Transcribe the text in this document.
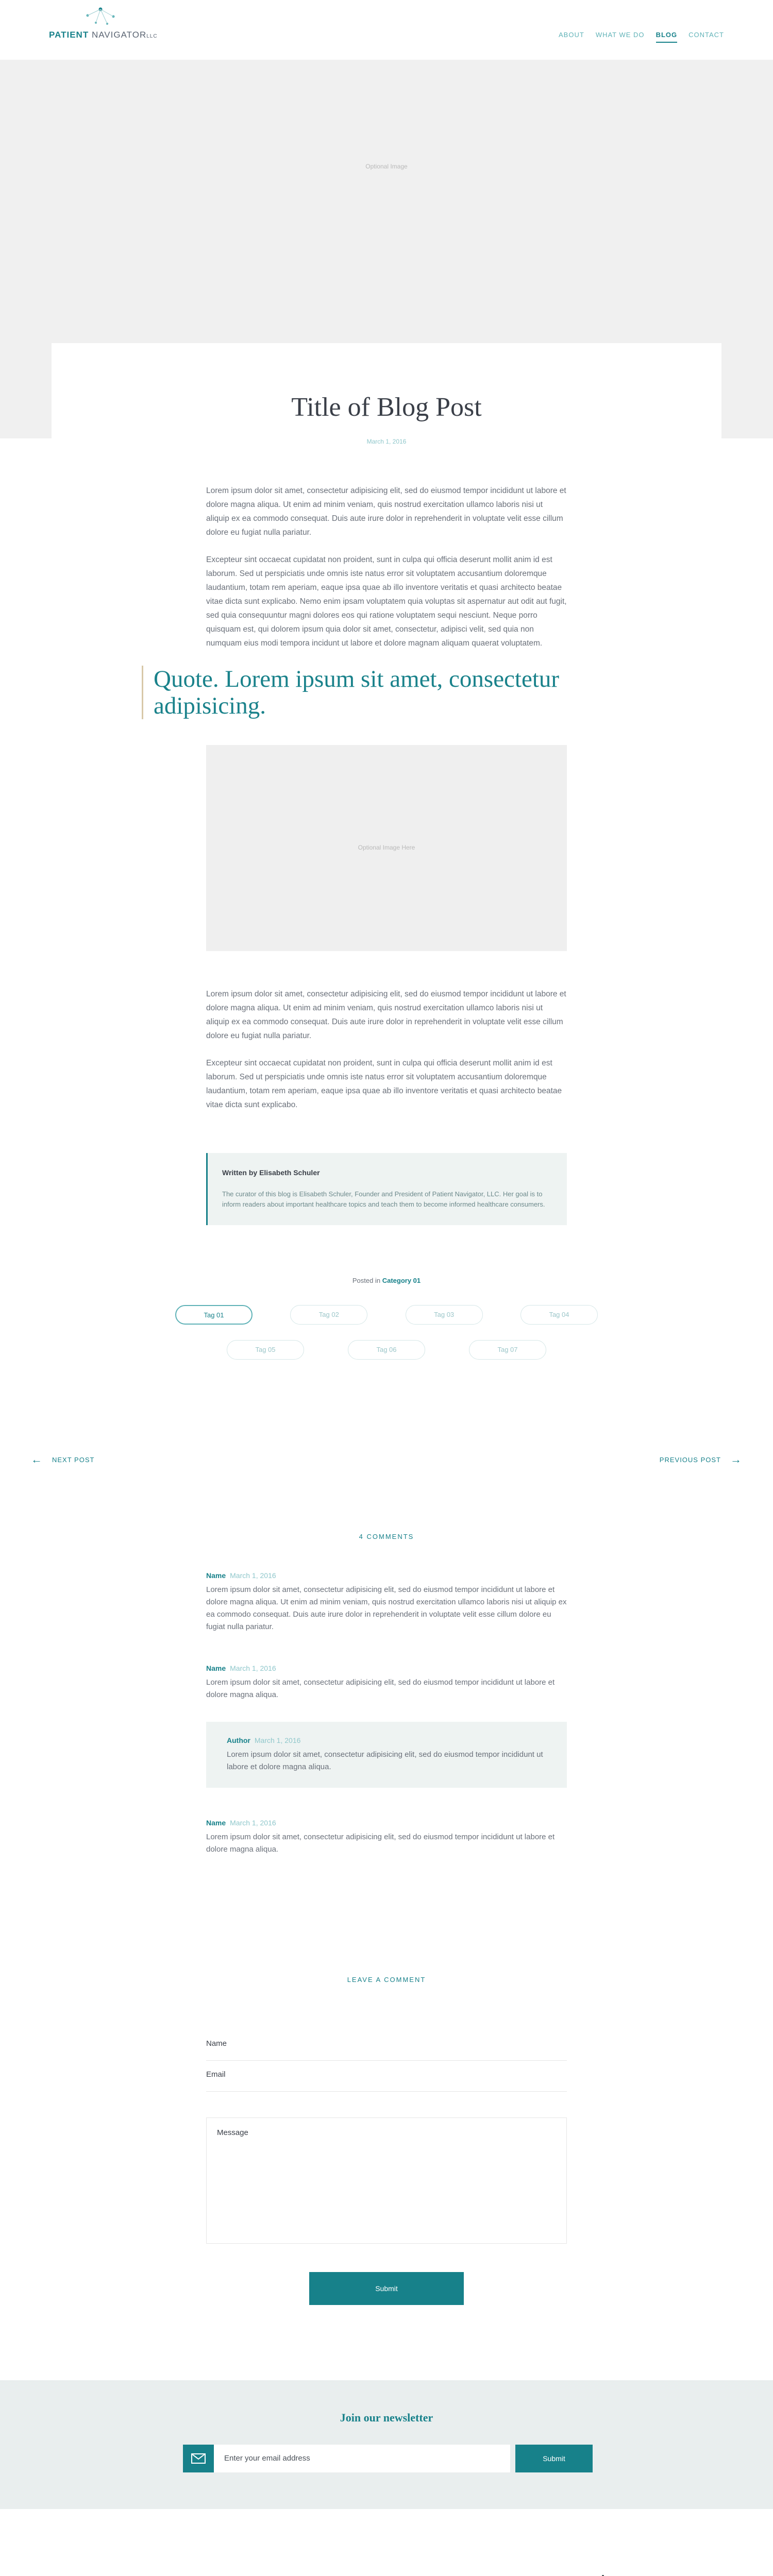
PATIENT NAVIGATORLLC	ABOUT WHAT WE DO BLOG CONTACT
Optional Image
Title of Blog Post
March 1, 2016

Lorem ipsum dolor sit amet, consectetur adipisicing elit, sed do eiusmod tempor incididunt ut labore et dolore magna aliqua. Ut enim ad minim veniam, quis nostrud exercitation ullamco laboris nisi ut aliquip ex ea commodo consequat. Duis aute irure dolor in reprehenderit in voluptate velit esse cillum dolore eu fugiat nulla pariatur.

Excepteur sint occaecat cupidatat non proident, sunt in culpa qui officia deserunt mollit anim id est laborum. Sed ut perspiciatis unde omnis iste natus error sit voluptatem accusantium doloremque laudantium, totam rem aperiam, eaque ipsa quae ab illo inventore veritatis et quasi architecto beatae vitae dicta sunt explicabo. Nemo enim ipsam voluptatem quia voluptas sit aspernatur aut odit aut fugit, sed quia consequuntur magni dolores eos qui ratione voluptatem sequi nesciunt. Neque porro quisquam est, qui dolorem ipsum quia dolor sit amet, consectetur, adipisci velit, sed quia non numquam eius modi tempora incidunt ut labore et dolore magnam aliquam quaerat voluptatem.

Quote. Lorem ipsum sit amet, consectetur adipisicing.
Optional Image Here

Lorem ipsum dolor sit amet, consectetur adipisicing elit, sed do eiusmod tempor incididunt ut labore et dolore magna aliqua. Ut enim ad minim veniam, quis nostrud exercitation ullamco laboris nisi ut aliquip ex ea commodo consequat. Duis aute irure dolor in reprehenderit in voluptate velit esse cillum dolore eu fugiat nulla pariatur.

Excepteur sint occaecat cupidatat non proident, sunt in culpa qui officia deserunt mollit anim id est laborum. Sed ut perspiciatis unde omnis iste natus error sit voluptatem accusantium doloremque laudantium, totam rem aperiam, eaque ipsa quae ab illo inventore veritatis et quasi architecto beatae vitae dicta sunt explicabo.

Written by Elisabeth Schuler
The curator of this blog is Elisabeth Schuler, Founder and President of Patient Navigator, LLC. Her goal is to inform readers about important healthcare topics and teach them to become informed healthcare consumers.
Posted in Category 01
Tag 01	Tag 02	Tag 03	Tag 04
Tag 05	Tag 06	Tag 07
← NEXT POST	PREVIOUS POST →
4 COMMENTS
Name March 1, 2016
Lorem ipsum dolor sit amet, consectetur adipisicing elit, sed do eiusmod tempor incididunt ut labore et dolore magna aliqua. Ut enim ad minim veniam, quis nostrud exercitation ullamco laboris nisi ut aliquip ex ea commodo consequat. Duis aute irure dolor in reprehenderit in voluptate velit esse cillum dolore eu fugiat nulla pariatur.
Name March 1, 2016
Lorem ipsum dolor sit amet, consectetur adipisicing elit, sed do eiusmod tempor incididunt ut labore et dolore magna aliqua.
Author March 1, 2016
Lorem ipsum dolor sit amet, consectetur adipisicing elit, sed do eiusmod tempor incididunt ut labore et dolore magna aliqua.
Name March 1, 2016
Lorem ipsum dolor sit amet, consectetur adipisicing elit, sed do eiusmod tempor incididunt ut labore et dolore magna aliqua.
LEAVE A COMMENT
Name
Email
Message
Submit
Join our newsletter
Enter your email address	Submit
